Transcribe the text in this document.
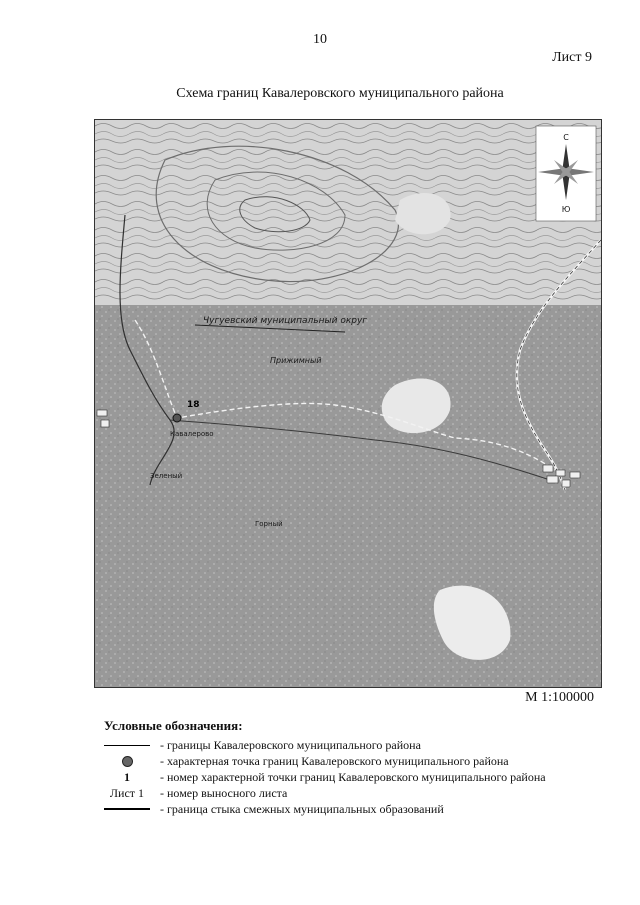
10
Лист 9
Схема границ Кавалеровского муниципального района
С
Ю
Чугуевский муниципальный округ
Прижимный
Кавалерово
Зеленый
Горный
18
М 1:100000
Условные обозначения:
- границы Кавалеровского муниципального района
- характерная точка границ Кавалеровского муниципального района
1	- номер характерной точки границ Кавалеровского муниципального района
Лист 1 - номер выносного листа
- граница стыка смежных муниципальных образований
